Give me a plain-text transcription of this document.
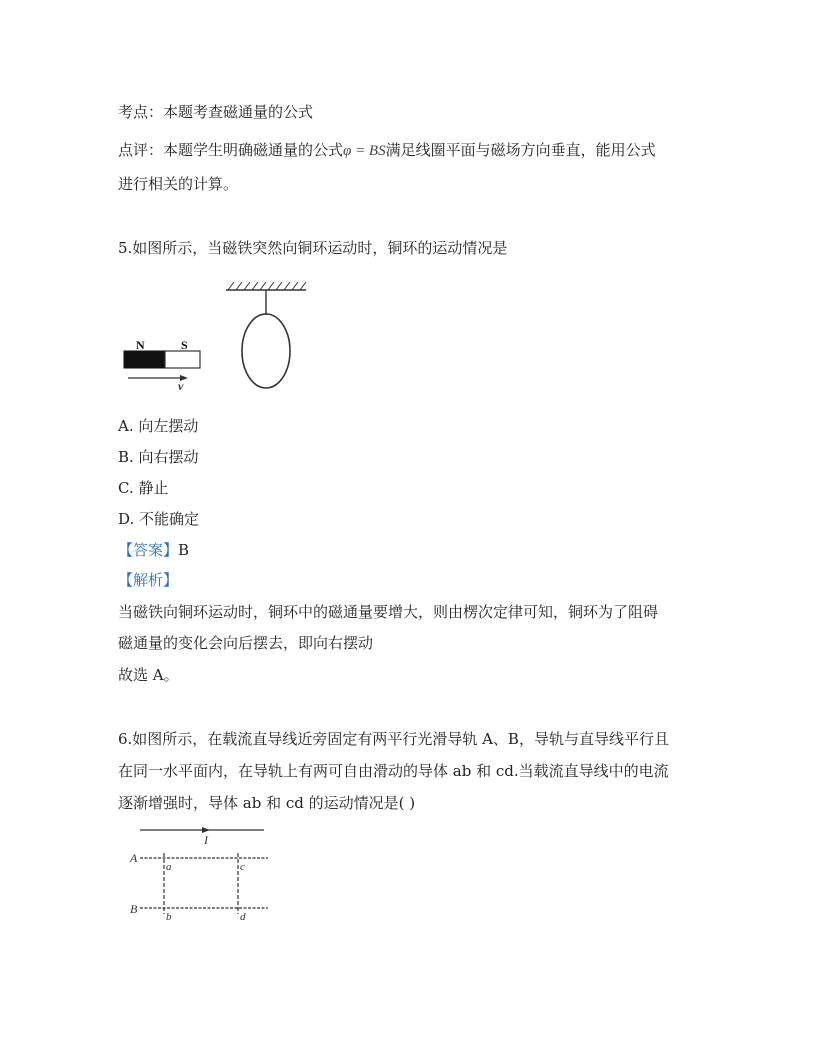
考点：本题考查磁通量的公式
点评：本题学生明确磁通量的公式φ = BS满足线圈平面与磁场方向垂直，能用公式
进行相关的计算。
5.如图所示，当磁铁突然向铜环运动时，铜环的运动情况是
N	S
v
A. 向左摆动
B. 向右摆动
C. 静止
D. 不能确定
【答案】B
【解析】
当磁铁向铜环运动时，铜环中的磁通量要增大，则由楞次定律可知，铜环为了阻碍
磁通量的变化会向后摆去，即向右摆动
故选 A。
6.如图所示，在载流直导线近旁固定有两平行光滑导轨 A、B，导轨与直导线平行且
在同一水平面内，在导轨上有两可自由滑动的导体 ab 和 cd.当载流直导线中的电流
逐渐增强时，导体 ab 和 cd 的运动情况是( )
I
A
B
a
b
c
d
